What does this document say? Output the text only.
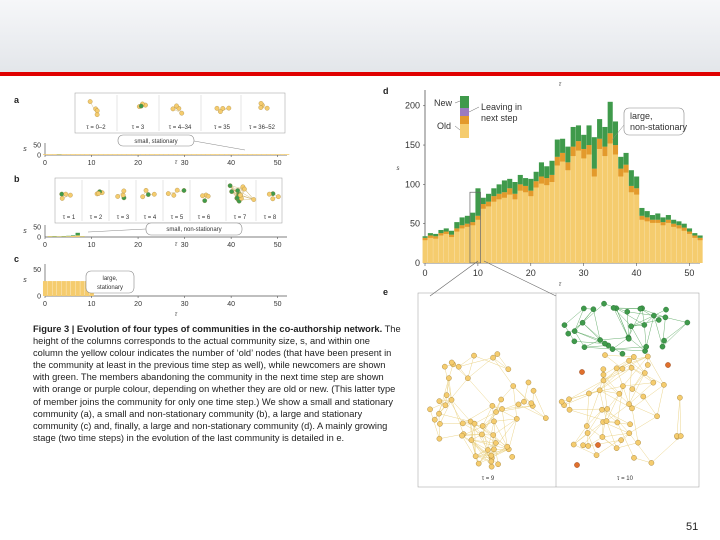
τ = 0–2	τ = 3	τ = 4–34	τ = 35	τ = 36–52
50
0
0	10	20	30	40	50
s
τ
small, stationary
τ = 1 τ = 2 τ = 3 τ = 4 τ = 5 τ = 6	τ = 7	τ = 8
50
0
0	10	20	30	40	50
s
τ
small, non-stationary
50
0
0	10	20	30	40	50
s
τ
large,
stationary
200
150
100
50
0
0	10	20	30	40	50
s
τ
τ
New	Leaving in
next step
Old
large,
non-stationary
τ = 9	τ = 10
a
b
c
d
e
Figure 3 | Evolution of four types of communities in the co-authorship network. The height of the columns corresponds to the actual community size, s, and within one column the yellow colour indicates the number of ‘old’ nodes (that have been present in the community at least in the previous time step as well), while newcomers are shown with green. The members abandoning the community in the next time step are shown with orange or purple colour, depending on whether they are old or new. (This latter type of member joins the community for only one time step.) We show a small and stationary community (a), a small and non-stationary community (b), a large and stationary community (c) and, finally, a large and non-stationary community (d). A mainly growing stage (two time steps) in the evolution of the last community is detailed in e.
51
